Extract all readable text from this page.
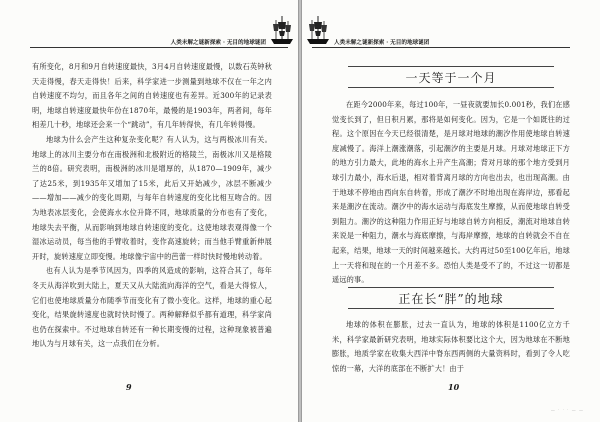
人类未解之谜新探索 · 无目的地球谜团

有所变化，8月和9月自转速度最快，3月4月自转速度最慢，以数石英钟秋天走得慢，春天走得快！后来，科学家进一步测量到地球不仅在一年之内自转速度不均匀，而且各年之间的自转速度也有差异。近300年的记录表明，地球自转速度最快年份在1870年，最慢的是1903年，两者间，每年相差几十秒，地球还会来一个“跳动”，有几年转得快，有几年转得慢。

地球为什么会产生这种复杂变化呢？有人认为，这与两极冰川有关。地球上的冰川主要分布在南极洲和北极附近的格陵兰，南极冰川又是格陵兰的8倍。研究表明，南极洲的冰川是增厚的，从1870—1909年，减少了达25米，到1935年又增加了15米，此后又开始减少，冰层不断减少——增加——减少的变化周期，与每年自转速度的变化比相互吻合的。因为地表冰层变化，会使海水水位升降不同，地球质量的分布也有了变化，地球失去平衡，从而影响到地球自转速度的变化。这使地球表观得像一个湿冰运动员，每当他的手臂收着时，变作高速旋转；而当他手臂重新伸展开时，旋转速度立即变慢。地球像宇宙中的芭蕾一样时快时慢地转动着。

也有人认为是季节风因为，四季的风造成的影响，这符合其了，每年冬天从海洋吹到大陆上，夏天又从大陆流向海洋的空气，看是大得惊人，它们也使地球质量分布随季节而变化有了微小变化。这样，地球的重心起变化，结果旋转速度也就时快时慢了。两种解释似乎都有道理，科学家尚也仍在探索中。不过地球自转还有一种长期变慢的过程，这种现象被普遍地认为与月球有关，这一点我们在分析。

9
人类未解之谜新探索 · 无目的地球谜团
一天等于一个月

在距今2000年来，每过100年，一昼夜就要加长0.001秒，我们在感觉变长到了，但日积月累，那将是如何变化。因为，它是一个如既往的过程。这个原因在今天已经很清楚，是月球对地球的潮汐作用使地球自转速度减慢了。海洋上潮涨潮落，引起潮汐的主要是月球。月球对地球正下方的地方引力最大，此地的海水上升产生高潮；背对月球的那个地方受到月球引力最小，海水后退，相对着背离月球的方向也出去，也出现高潮。由于地球不停地由西向东自转着，形成了潮汐不时地出现在海岸边，那看起来是潮汐在流动。潮汐中的海水运动与海底发生摩擦，从而使地球自转受到阻力。潮汐的这种阻力作用正好与地球自转方向相反，潮流对地球自转来说是一种阻力，潮水与海底摩擦，与海岸摩擦，地球的自转就会不自在起来，结果，地球一天的时间越来越长。大约再过50至100亿年后，地球上一天将和现在的一个月差不多。恐怕人类是受不了的，不过这一切都是遥远的事。

正在长“胖”的地球

地球的体积在膨胀，过去一直认为，地球的体积是1100亿立方千米，科学家最新研究表明，地球实际体积要比这个大，因为地球在不断地膨胀，地质学家在收集大西洋中脊东西两侧的大量资料时，看到了令人吃惊的一幕，大洋的底部在不断扩大！由于

10
— · · · — —
